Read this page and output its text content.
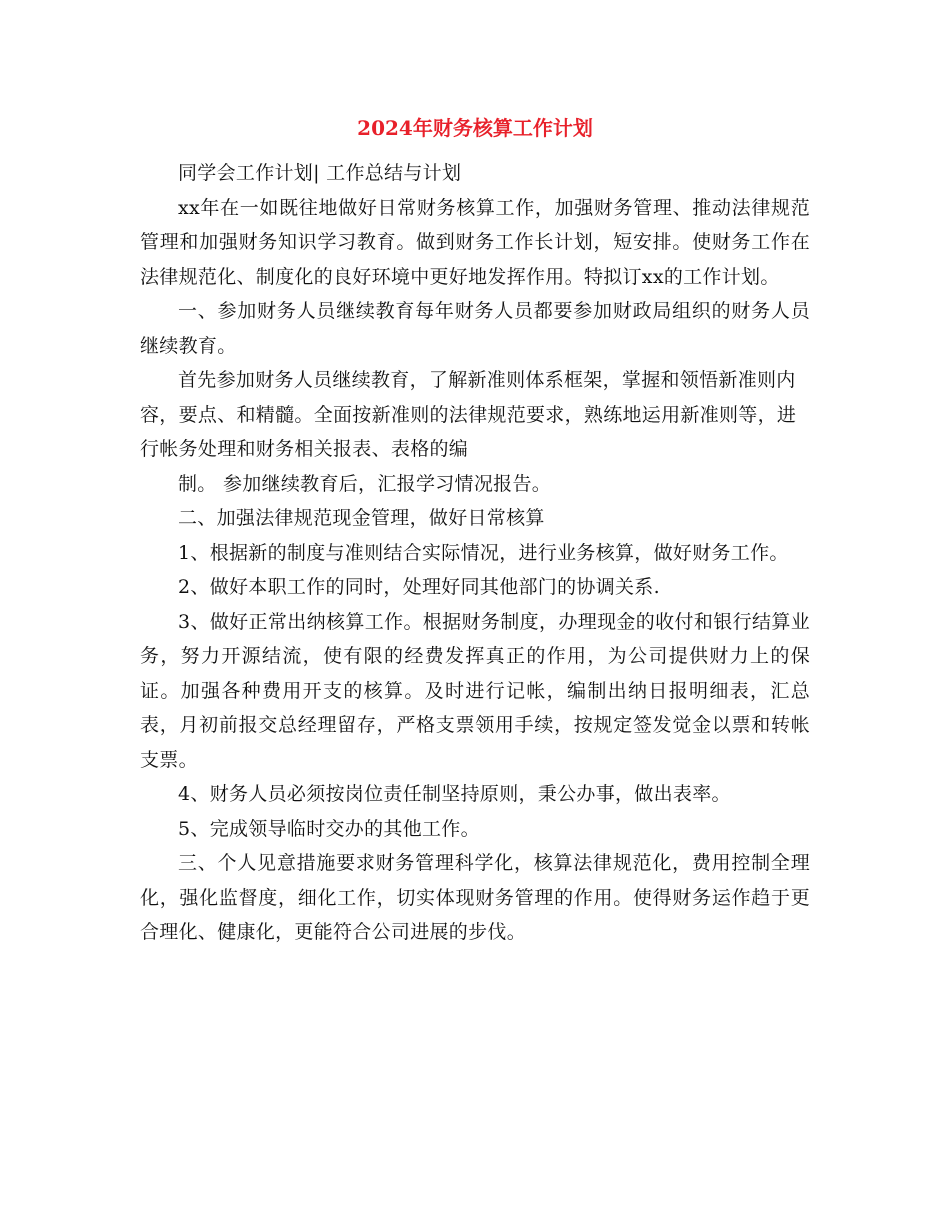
2024年财务核算工作计划

同学会工作计划| 工作总结与计划

xx年在一如既往地做好日常财务核算工作，加强财务管理、推动法律规范管理和加强财务知识学习教育。做到财务工作长计划，短安排。使财务工作在法律规范化、制度化的良好环境中更好地发挥作用。特拟订xx的工作计划。

一、参加财务人员继续教育每年财务人员都要参加财政局组织的财务人员继续教育。

首先参加财务人员继续教育，了解新准则体系框架，掌握和领悟新准则内容，要点、和精髓。全面按新准则的法律规范要求，熟练地运用新准则等，进行帐务处理和财务相关报表、表格的编

制。 参加继续教育后，汇报学习情况报告。

二、加强法律规范现金管理，做好日常核算

1、根据新的制度与准则结合实际情况，进行业务核算，做好财务工作。

2、做好本职工作的同时，处理好同其他部门的协调关系.

3、做好正常出纳核算工作。根据财务制度，办理现金的收付和银行结算业务，努力开源结流，使有限的经费发挥真正的作用，为公司提供财力上的保证。加强各种费用开支的核算。及时进行记帐，编制出纳日报明细表，汇总表，月初前报交总经理留存，严格支票领用手续，按规定签发觉金以票和转帐支票。

4、财务人员必须按岗位责任制坚持原则，秉公办事，做出表率。

5、完成领导临时交办的其他工作。

三、个人见意措施要求财务管理科学化，核算法律规范化，费用控制全理化，强化监督度，细化工作，切实体现财务管理的作用。使得财务运作趋于更合理化、健康化，更能符合公司进展的步伐。
